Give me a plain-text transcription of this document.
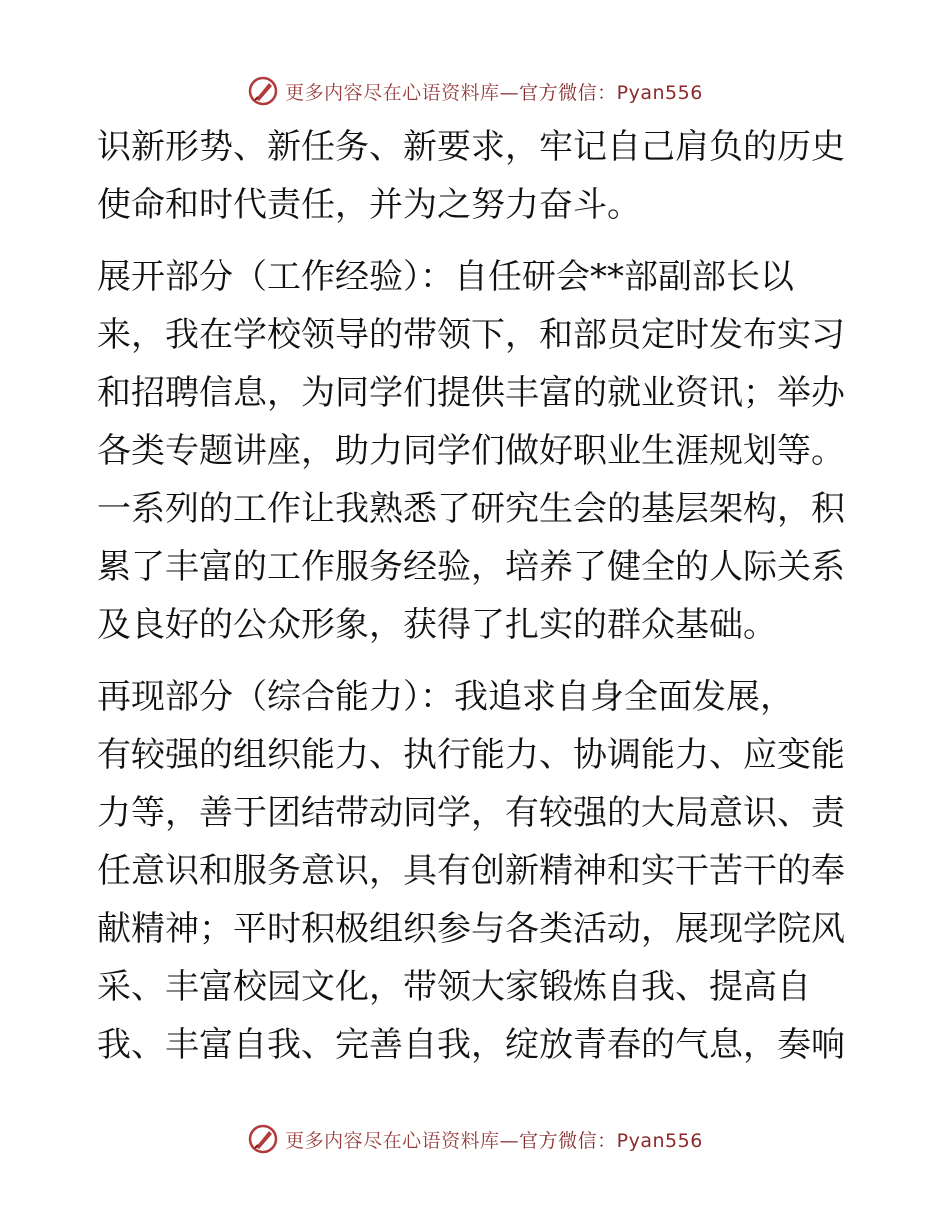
更多内容尽在心语资料库—官方微信：Pyan556

识新形势、新任务、新要求，牢记自己肩负的历史
使命和时代责任，并为之努力奋斗。

展开部分（工作经验）：自任研会**部副部长以
来，我在学校领导的带领下，和部员定时发布实习
和招聘信息，为同学们提供丰富的就业资讯；举办
各类专题讲座，助力同学们做好职业生涯规划等。
一系列的工作让我熟悉了研究生会的基层架构，积
累了丰富的工作服务经验，培养了健全的人际关系
及良好的公众形象，获得了扎实的群众基础。

再现部分（综合能力）：我追求自身全面发展，
有较强的组织能力、执行能力、协调能力、应变能
力等，善于团结带动同学，有较强的大局意识、责
任意识和服务意识，具有创新精神和实干苦干的奉
献精神；平时积极组织参与各类活动，展现学院风
采、丰富校园文化，带领大家锻炼自我、提高自
我、丰富自我、完善自我，绽放青春的气息，奏响

更多内容尽在心语资料库—官方微信：Pyan556
